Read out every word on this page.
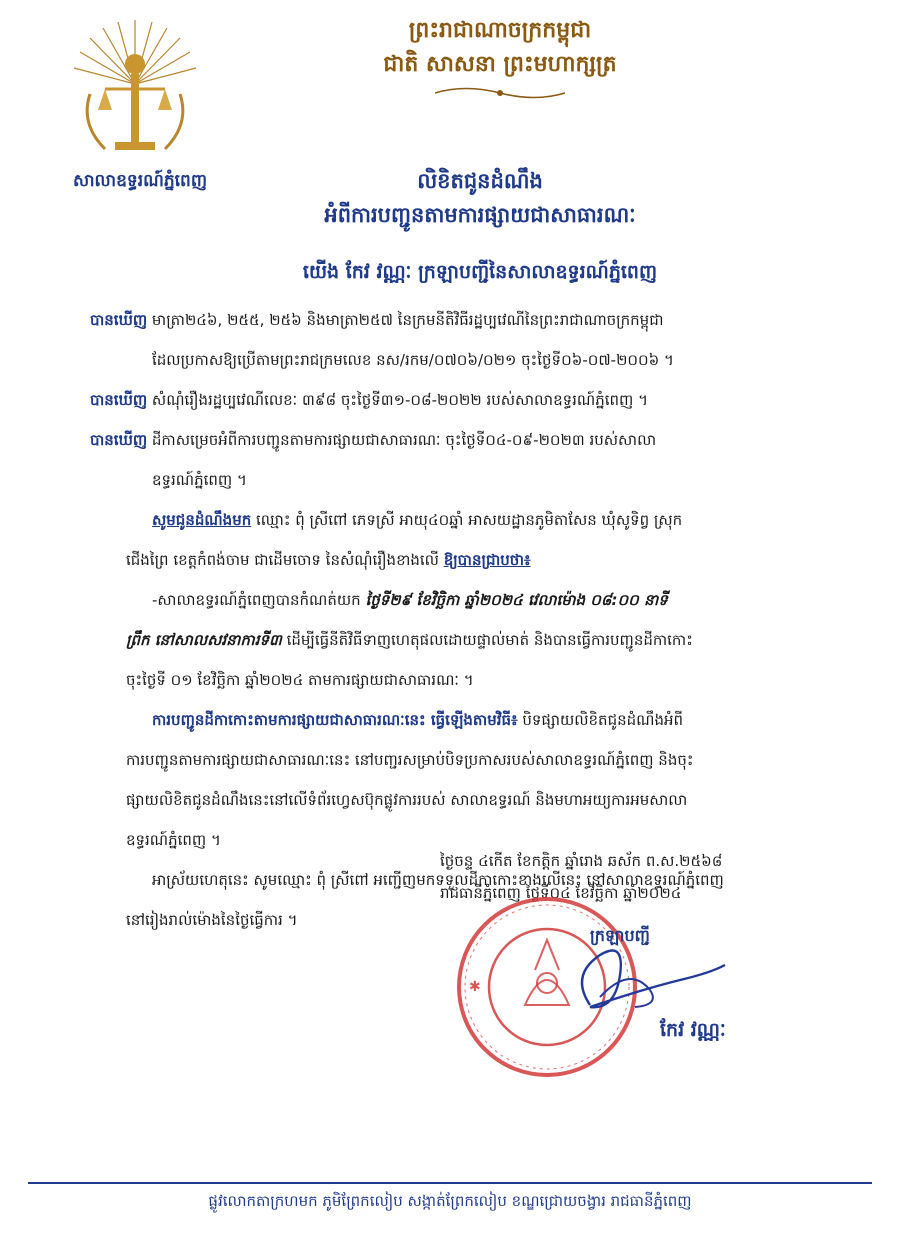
សាលាឧទ្ធរណ៍ភ្នំពេញ
ព្រះរាជាណាចក្រកម្ពុជា
ជាតិ សាសនា ព្រះមហាក្សត្រ
លិខិតជូនដំណឹង
អំពីការបញ្ជូនតាមការផ្សាយជាសាធារណៈ
យើង កែវ វណ្ណៈ ក្រឡាបញ្ជីនៃសាលាឧទ្ធរណ៍ភ្នំពេញ

បានឃើញ មាត្រា២៤៦, ២៥៥, ២៥៦ និងមាត្រា២៥៧ នៃក្រមនីតិវិធីរដ្ឋប្បវេណីនៃព្រះរាជាណាចក្រកម្ពុជា

ដែលប្រកាសឱ្យប្រើតាមព្រះរាជក្រមលេខ នស/រកម/០៧០៦/០២១ ចុះថ្ងៃទី០៦-០៧-២០០៦ ។

បានឃើញ សំណុំរឿងរដ្ឋប្បវេណីលេខៈ ៣៩៨ ចុះថ្ងៃទី៣១-០៨-២០២២ របស់សាលាឧទ្ធរណ៍ភ្នំពេញ ។

បានឃើញ ដីកាសម្រេចអំពីការបញ្ជូនតាមការផ្សាយជាសាធារណៈ ចុះថ្ងៃទី០៤-០៩-២០២៣ របស់សាលា

ឧទ្ធរណ៍ភ្នំពេញ ។

សូមជូនដំណឹងមក ឈ្មោះ ពុំ ស្រីពៅ ភេទស្រី អាយុ៤០ឆ្នាំ អាសយដ្ឋានភូមិតាសែន ឃុំសូទិព្វ ស្រុក

ជើងព្រៃ ខេត្តកំពង់ចាម ជាដើមចោទ នៃសំណុំរឿងខាងលើ ឱ្យបានជ្រាបថា៖

-សាលាឧទ្ធរណ៍ភ្នំពេញបានកំណត់យក ថ្ងៃទី២៩ ខែវិច្ឆិកា ឆ្នាំ២០២៤ វេលាម៉ោង ០៨:០០ នាទី

ព្រឹក នៅសាលសវនាការទី៣ ដើម្បីធ្វើនីតិវិធីទាញហេតុផលដោយផ្ទាល់មាត់ និងបានធ្វើការបញ្ជូនដីកាកោះ

ចុះថ្ងៃទី ០១ ខែវិច្ឆិកា ឆ្នាំ២០២៤ តាមការផ្សាយជាសាធារណៈ ។

ការបញ្ជូនដីកាកោះតាមការផ្សាយជាសាធារណៈនេះ ធ្វើឡើងតាមវិធី៖ បិទផ្សាយលិខិតជូនដំណឹងអំពី

ការបញ្ជូនតាមការផ្សាយជាសាធារណៈនេះ នៅបញ្ជរសម្រាប់បិទប្រកាសរបស់សាលាឧទ្ធរណ៍ភ្នំពេញ និងចុះ

ផ្សាយលិខិតជូនដំណឹងនេះនៅលើទំព័រហ្វេសប៊ុកផ្លូវការរបស់ សាលាឧទ្ធរណ៍ និងមហាអយ្យការអមសាលា

ឧទ្ធរណ៍ភ្នំពេញ ។

អាស្រ័យហេតុនេះ សូមឈ្មោះ ពុំ ស្រីពៅ អញ្ជើញមកទទួលដីកាកោះខាងលើនេះ នៅសាលាឧទ្ធរណ៍ភ្នំពេញ

នៅរៀងរាល់ម៉ោងនៃថ្ងៃធ្វើការ ។

ថ្ងៃចន្ទ ៤កើត ខែកត្តិក ឆ្នាំរោង ឆស័ក ព.ស.២៥៦៨
រាជធានីភ្នំពេញ ថ្ងៃទី០៤ ខែវិច្ឆិកា ឆ្នាំ២០២៤
✱
ក្រឡាបញ្ជី
កែវ វណ្ណៈ
ផ្លូវលោកតាក្រហមក ភូមិព្រែកលៀប សង្កាត់ព្រែកលៀប ខណ្ឌជ្រោយចង្វារ រាជធានីភ្នំពេញ
